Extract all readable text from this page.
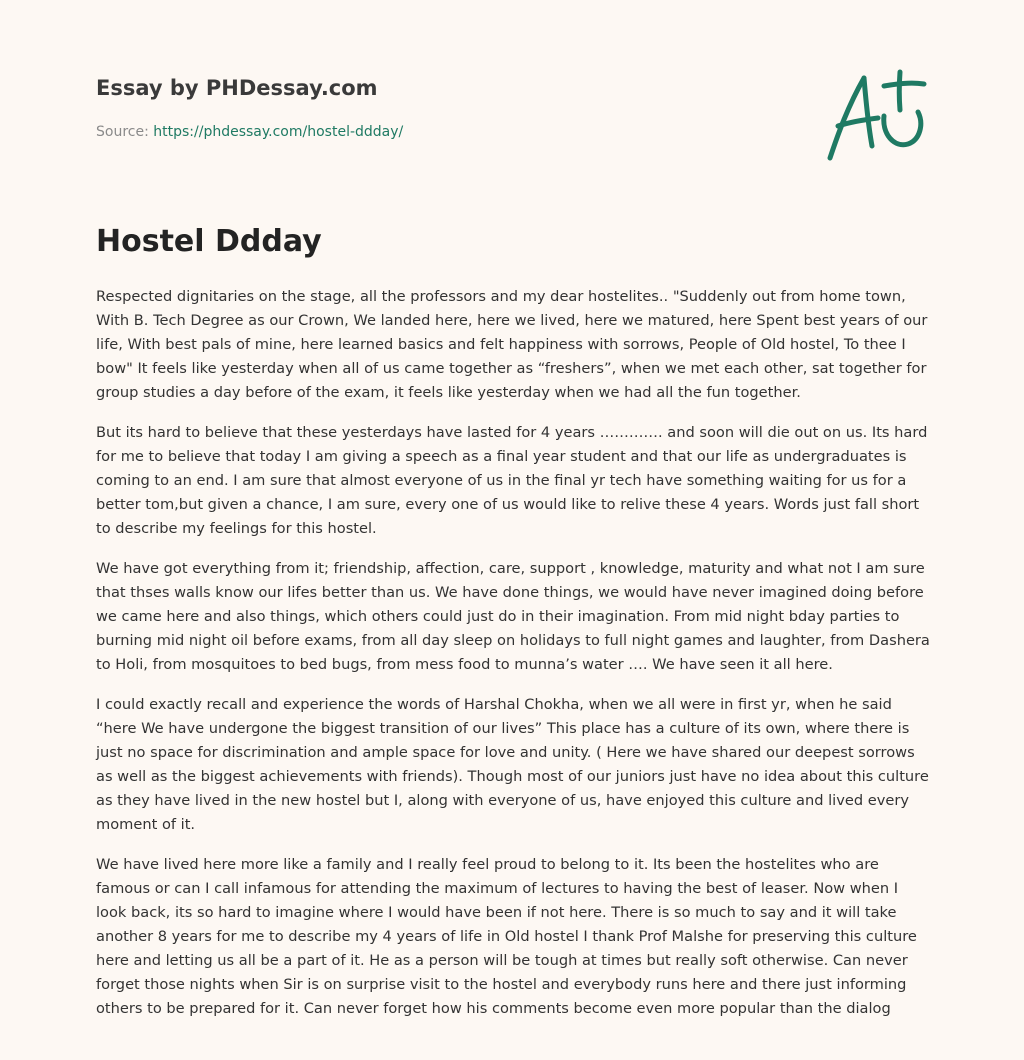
Essay by PHDessay.com
Source: https://phdessay.com/hostel-ddday/
Hostel Ddday

Respected dignitaries on the stage, all the professors and my dear hostelites.. "Suddenly out from home town, With B. Tech Degree as our Crown, We landed here, here we lived, here we matured, here Spent best years of our life, With best pals of mine, here learned basics and felt happiness with sorrows, People of Old hostel, To thee I bow" It feels like yesterday when all of us came together as “freshers”, when we met each other, sat together for group studies a day before of the exam, it feels like yesterday when we had all the fun together.

But its hard to believe that these yesterdays have lasted for 4 years …………. and soon will die out on us. Its hard for me to believe that today I am giving a speech as a final year student and that our life as undergraduates is coming to an end. I am sure that almost everyone of us in the final yr tech have something waiting for us for a better tom,but given a chance, I am sure, every one of us would like to relive these 4 years. Words just fall short to describe my feelings for this hostel.

We have got everything from it; friendship, affection, care, support , knowledge, maturity and what not I am sure that thses walls know our lifes better than us. We have done things, we would have never imagined doing before we came here and also things, which others could just do in their imagination. From mid night bday parties to burning mid night oil before exams, from all day sleep on holidays to full night games and laughter, from Dashera to Holi, from mosquitoes to bed bugs, from mess food to munna’s water …. We have seen it all here.

I could exactly recall and experience the words of Harshal Chokha, when we all were in first yr, when he said “here We have undergone the biggest transition of our lives” This place has a culture of its own, where there is just no space for discrimination and ample space for love and unity. ( Here we have shared our deepest sorrows as well as the biggest achievements with friends). Though most of our juniors just have no idea about this culture as they have lived in the new hostel but I, along with everyone of us, have enjoyed this culture and lived every moment of it.

We have lived here more like a family and I really feel proud to belong to it. Its been the hostelites who are famous or can I call infamous for attending the maximum of lectures to having the best of leaser. Now when I look back, its so hard to imagine where I would have been if not here. There is so much to say and it will take another 8 years for me to describe my 4 years of life in Old hostel I thank Prof Malshe for preserving this culture here and letting us all be a part of it. He as a person will be tough at times but really soft otherwise. Can never forget those nights when Sir is on surprise visit to the hostel and everybody runs here and there just informing others to be prepared for it. Can never forget how his comments become even more popular than the dialog
